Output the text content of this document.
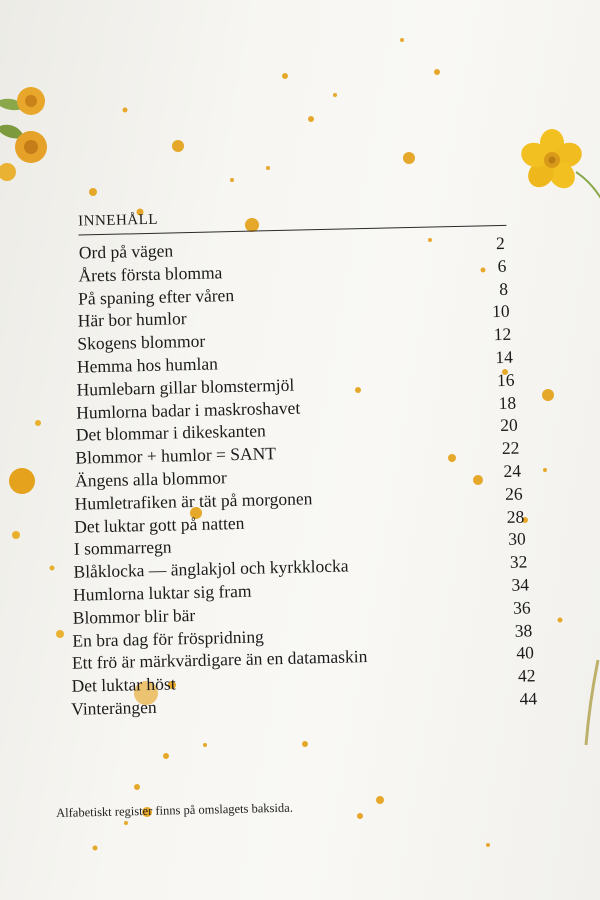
INNEHÅLL
Ord på vägen	2
Årets första blomma	6
På spaning efter våren	8
Här bor humlor	10
Skogens blommor	12
Hemma hos humlan	14
Humlebarn gillar blomstermjöl	16
Humlorna badar i maskroshavet	18
Det blommar i dikeskanten	20
Blommor + humlor = SANT	22
Ängens alla blommor	24
Humletrafiken är tät på morgonen	26
Det luktar gott på natten	28
I sommarregn	30
Blåklocka — änglakjol och kyrkklocka	32
Humlorna luktar sig fram	34
Blommor blir bär	36
En bra dag för fröspridning	38
Ett frö är märkvärdigare än en datamaskin	40
Det luktar höst	42
Vinterängen	44
Alfabetiskt register finns på omslagets baksida.
